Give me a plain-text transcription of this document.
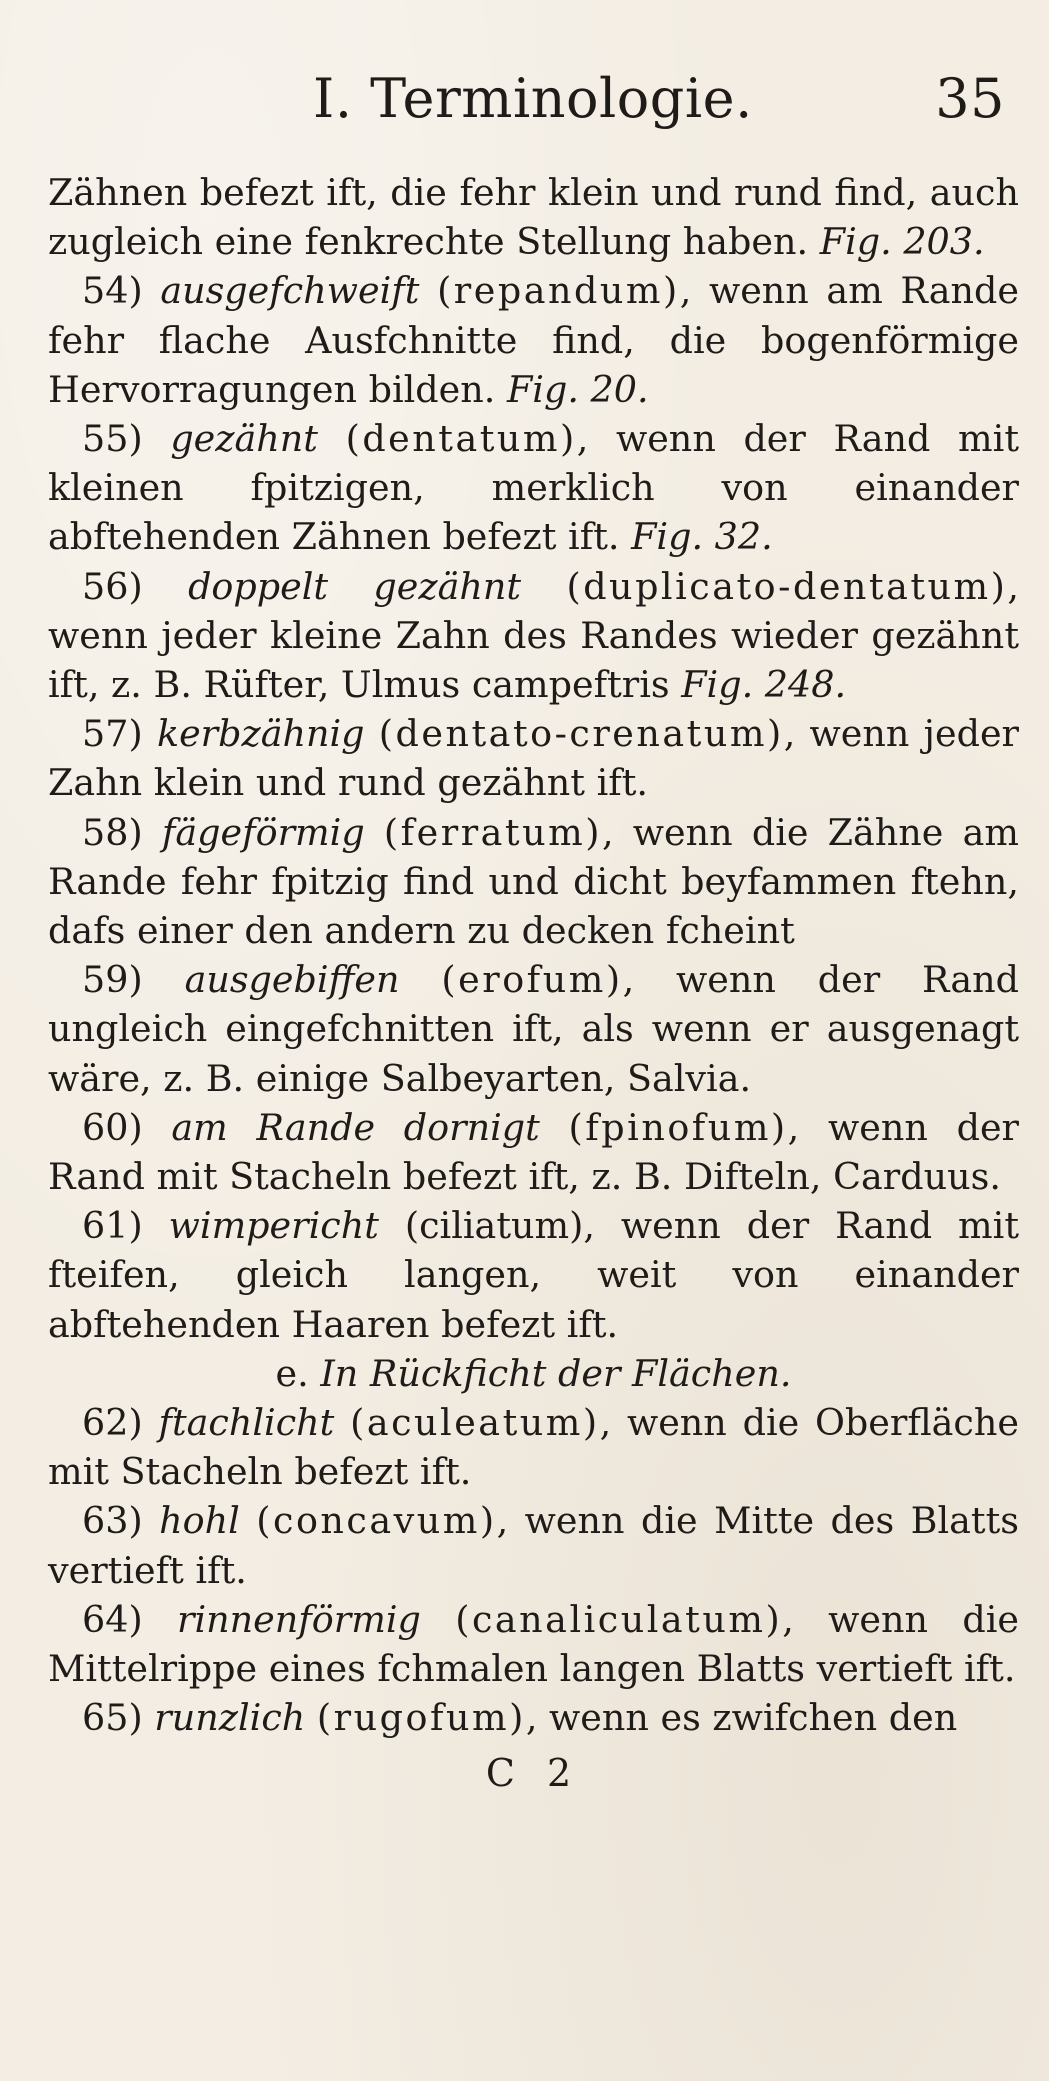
I. Terminologie.	35

Zähnen befezt ift, die fehr klein und rund find, auch zugleich eine fenkrechte Stellung haben. Fig. 203.

54) ausgefchweift (repandum), wenn am Rande fehr flache Ausfchnitte find, die bogenförmige Hervorragungen bilden. Fig. 20.

55) gezähnt (dentatum), wenn der Rand mit kleinen fpitzigen, merklich von einander abftehenden Zähnen befezt ift. Fig. 32.

56) doppelt gezähnt (duplicato-dentatum), wenn jeder kleine Zahn des Randes wieder gezähnt ift, z. B. Rüfter, Ulmus campeftris Fig. 248.

57) kerbzähnig (dentato-crenatum), wenn jeder Zahn klein und rund gezähnt ift.

58) fägeförmig (ferratum), wenn die Zähne am Rande fehr fpitzig find und dicht beyfammen ftehn, dafs einer den andern zu decken fcheint

59) ausgebiffen (erofum), wenn der Rand ungleich eingefchnitten ift, als wenn er ausgenagt wäre, z. B. einige Salbeyarten, Salvia.

60) am Rande dornigt (fpinofum), wenn der Rand mit Stacheln befezt ift, z. B. Difteln, Carduus.

61) wimpericht (ciliatum), wenn der Rand mit fteifen, gleich langen, weit von einander abftehenden Haaren befezt ift.

e. In Rückficht der Flächen.

62) ftachlicht (aculeatum), wenn die Oberfläche mit Stacheln befezt ift.

63) hohl (concavum), wenn die Mitte des Blatts vertieft ift.

64) rinnenförmig (canaliculatum), wenn die Mittelrippe eines fchmalen langen Blatts vertieft ift.

65) runzlich (rugofum), wenn es zwifchen den

C 2
